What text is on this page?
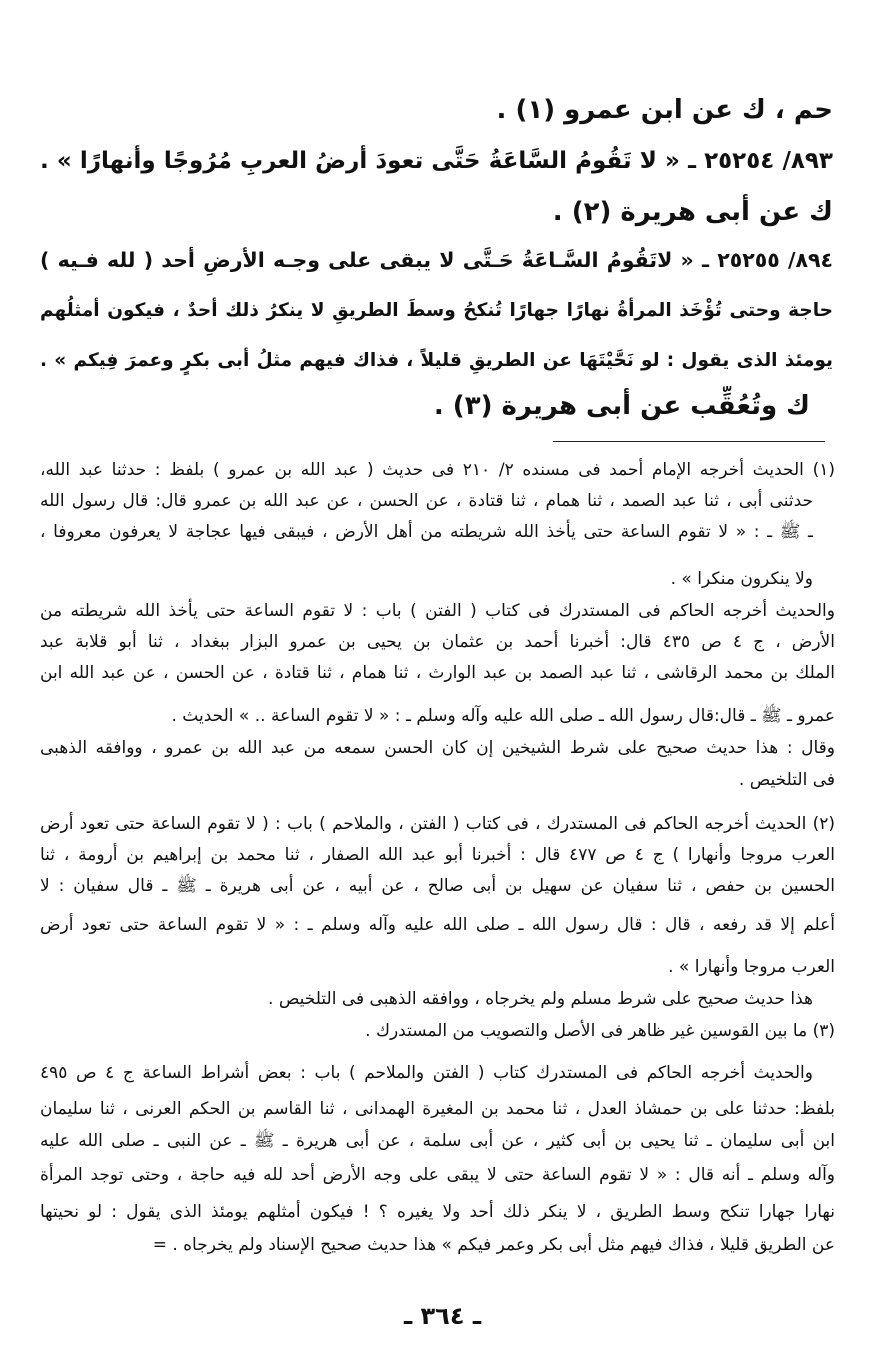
حم ، ك عن ابن عمرو (١) .
٨٩٣/ ٢٥٢٥٤ ـ « لا تَقُومُ السَّاعَةُ حَتَّى تعودَ أرضُ العربِ مُرُوجًا وأنهارًا » .
ك عن أبى هريرة (٢) .
٨٩٤/ ٢٥٢٥٥ ـ « لاتَقُومُ السَّـاعَةُ حَـتَّى لا يبقى على وجـه الأرضِ أحد ( لله فـيه )
حاجة وحتى تُؤْخَذ المرأةُ نهارًا جهارًا تُنكحُ وسطَ الطريقِ لا ينكرُ ذلك أحدٌ ، فيكون أمثلُهم
يومئذ الذى يقول : لو نَحَّيْتَهَا عن الطريقِ قليلاً ، فذاك فيهم مثلُ أبى بكرٍ وعمرَ فِيكم » .
ك وتُعُقِّب عن أبى هريرة (٣) .
(١) الحديث أخرجه الإمام أحمد فى مسنده ٢/ ٢١٠ فى حديث ( عبد الله بن عمرو ) بلفظ : حدثنا عبد الله،
حدثنى أبى ، ثنا عبد الصمد ، ثنا همام ، ثنا قتادة ، عن الحسن ، عن عبد الله بن عمرو قال: قال رسول الله
ـ ﷺ ـ : « لا تقوم الساعة حتى يأخذ الله شريطته من أهل الأرض ، فيبقى فيها عجاجة لا يعرفون معروفا ،
ولا ينكرون منكرا » .
والحديث أخرجه الحاكم فى المستدرك فى كتاب ( الفتن ) باب : لا تقوم الساعة حتى يأخذ الله شريطته من
الأرض ، ج ٤ ص ٤٣٥ قال: أخبرنا أحمد بن عثمان بن يحيى بن عمرو البزار ببغداد ، ثنا أبو قلابة عبد
الملك بن محمد الرقاشى ، ثنا عبد الصمد بن عبد الوارث ، ثنا همام ، ثنا قتادة ، عن الحسن ، عن عبد الله ابن
عمرو ـ ﷺ ـ قال:قال رسول الله ـ صلى الله عليه وآله وسلم ـ : « لا تقوم الساعة .. » الحديث .
وقال : هذا حديث صحيح على شرط الشيخين إن كان الحسن سمعه من عبد الله بن عمرو ، ووافقه الذهبى
فى التلخيص .
(٢) الحديث أخرجه الحاكم فى المستدرك ، فى كتاب ( الفتن ، والملاحم ) باب : ( لا تقوم الساعة حتى تعود أرض
العرب مروجا وأنهارا ) ج ٤ ص ٤٧٧ قال : أخبرنا أبو عبد الله الصفار ، ثنا محمد بن إبراهيم بن أرومة ، ثنا
الحسين بن حفص ، ثنا سفيان عن سهيل بن أبى صالح ، عن أبيه ، عن أبى هريرة ـ ﷺ ـ قال سفيان : لا
أعلم إلا قد رفعه ، قال : قال رسول الله ـ صلى الله عليه وآله وسلم ـ : « لا تقوم الساعة حتى تعود أرض
العرب مروجا وأنهارا » .
هذا حديث صحيح على شرط مسلم ولم يخرجاه ، ووافقه الذهبى فى التلخيص .
(٣) ما بين القوسين غير ظاهر فى الأصل والتصويب من المستدرك .
والحديث أخرجه الحاكم فى المستدرك كتاب ( الفتن والملاحم ) باب : بعض أشراط الساعة ج ٤ ص ٤٩٥
بلفظ: حدثنا على بن حمشاذ العدل ، ثنا محمد بن المغيرة الهمدانى ، ثنا القاسم بن الحكم العرنى ، ثنا سليمان
ابن أبى سليمان ـ ثنا يحيى بن أبى كثير ، عن أبى سلمة ، عن أبى هريرة ـ ﷺ ـ عن النبى ـ صلى الله عليه
وآله وسلم ـ أنه قال : « لا تقوم الساعة حتى لا يبقى على وجه الأرض أحد لله فيه حاجة ، وحتى توجد المرأة
نهارا جهارا تنكح وسط الطريق ، لا ينكر ذلك أحد ولا يغيره ؟ ! فيكون أمثلهم يومئذ الذى يقول : لو نحيتها
عن الطريق قليلا ، فذاك فيهم مثل أبى بكر وعمر فيكم » هذا حديث صحيح الإسناد ولم يخرجاه . =
ـ ٣٦٤ ـ
